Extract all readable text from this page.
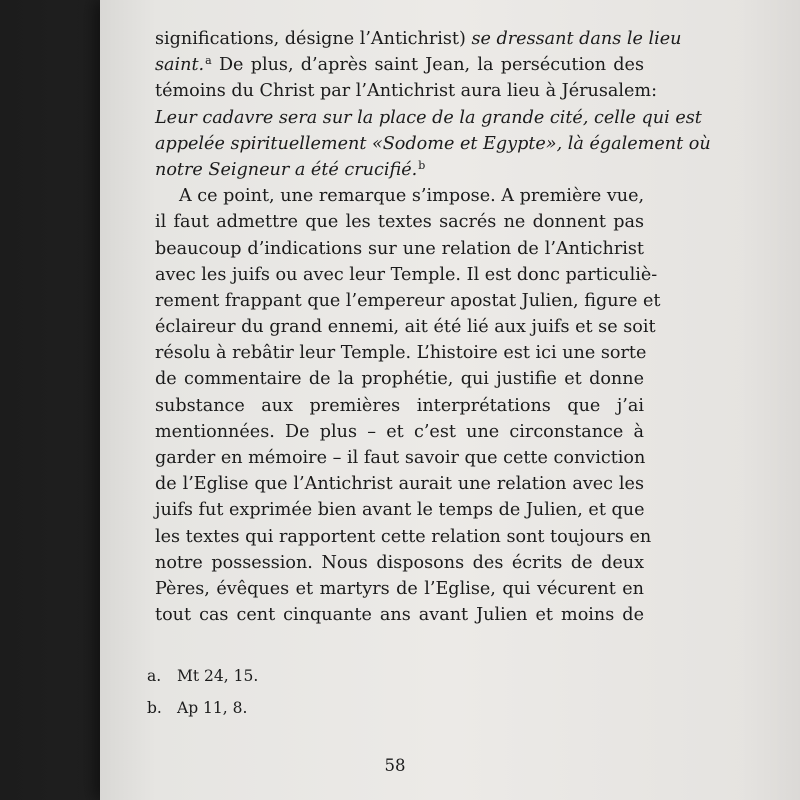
significations, désigne l’Antichrist) se dressant dans le lieu
saint.$^a$ De plus, d’après saint Jean, la persécution des
témoins du Christ par l’Antichrist aura lieu à Jérusalem:
Leur cadavre sera sur la place de la grande cité, celle qui est
appelée spirituellement «Sodome et Egypte», là également où
notre Seigneur a été crucifié.$^b$
A ce point, une remarque s’impose. A première vue,
il faut admettre que les textes sacrés ne donnent pas
beaucoup d’indications sur une relation de l’Antichrist
avec les juifs ou avec leur Temple. Il est donc particuliè-
rement frappant que l’empereur apostat Julien, figure et
éclaireur du grand ennemi, ait été lié aux juifs et se soit
résolu à rebâtir leur Temple. L’histoire est ici une sorte
de commentaire de la prophétie, qui justifie et donne
substance aux premières interprétations que j’ai
mentionnées. De plus – et c’est une circonstance à
garder en mémoire – il faut savoir que cette conviction
de l’Eglise que l’Antichrist aurait une relation avec les
juifs fut exprimée bien avant le temps de Julien, et que
les textes qui rapportent cette relation sont toujours en
notre possession. Nous disposons des écrits de deux
Pères, évêques et martyrs de l’Eglise, qui vécurent en
tout cas cent cinquante ans avant Julien et moins de
a. Mt 24, 15.
b. Ap 11, 8.
58
